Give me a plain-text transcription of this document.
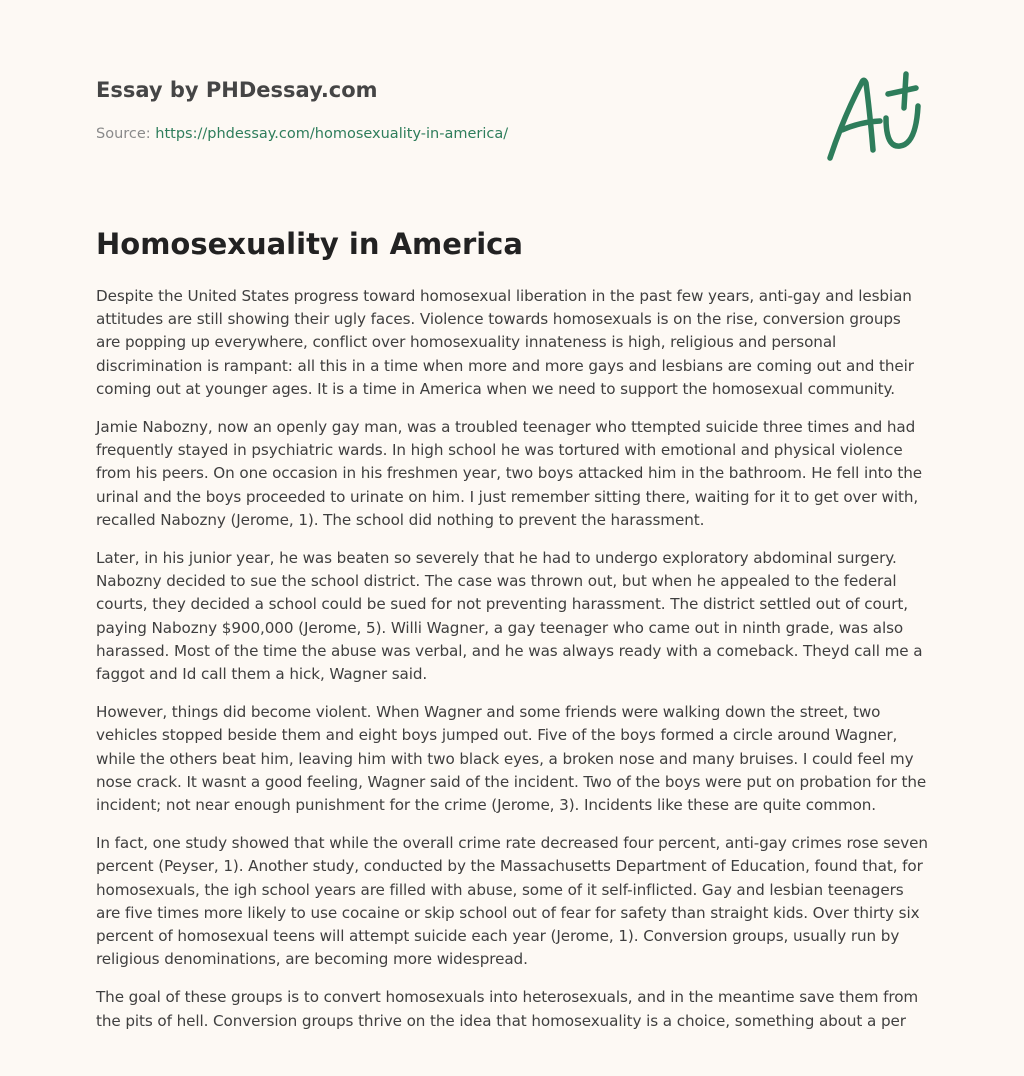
Essay by PHDessay.com
Source: https://phdessay.com/homosexuality-in-america/
Homosexuality in America

Despite the United States progress toward homosexual liberation in the past few years, anti-gay and lesbian attitudes are still showing their ugly faces. Violence towards homosexuals is on the rise, conversion groups are popping up everywhere, conflict over homosexuality innateness is high, religious and personal discrimination is rampant: all this in a time when more and more gays and lesbians are coming out and their coming out at younger ages. It is a time in America when we need to support the homosexual community.

Jamie Nabozny, now an openly gay man, was a troubled teenager who ttempted suicide three times and had frequently stayed in psychiatric wards. In high school he was tortured with emotional and physical violence from his peers. On one occasion in his freshmen year, two boys attacked him in the bathroom. He fell into the urinal and the boys proceeded to urinate on him. I just remember sitting there, waiting for it to get over with, recalled Nabozny (Jerome, 1). The school did nothing to prevent the harassment.

Later, in his junior year, he was beaten so severely that he had to undergo exploratory abdominal surgery. Nabozny decided to sue the school district. The case was thrown out, but when he appealed to the federal courts, they decided a school could be sued for not preventing harassment. The district settled out of court, paying Nabozny $900,000 (Jerome, 5). Willi Wagner, a gay teenager who came out in ninth grade, was also harassed. Most of the time the abuse was verbal, and he was always ready with a comeback. Theyd call me a faggot and Id call them a hick, Wagner said.

However, things did become violent. When Wagner and some friends were walking down the street, two vehicles stopped beside them and eight boys jumped out. Five of the boys formed a circle around Wagner, while the others beat him, leaving him with two black eyes, a broken nose and many bruises. I could feel my nose crack. It wasnt a good feeling, Wagner said of the incident. Two of the boys were put on probation for the incident; not near enough punishment for the crime (Jerome, 3). Incidents like these are quite common.

In fact, one study showed that while the overall crime rate decreased four percent, anti-gay crimes rose seven percent (Peyser, 1). Another study, conducted by the Massachusetts Department of Education, found that, for homosexuals, the igh school years are filled with abuse, some of it self-inflicted. Gay and lesbian teenagers are five times more likely to use cocaine or skip school out of fear for safety than straight kids. Over thirty six percent of homosexual teens will attempt suicide each year (Jerome, 1). Conversion groups, usually run by religious denominations, are becoming more widespread.

The goal of these groups is to convert homosexuals into heterosexuals, and in the meantime save them from the pits of hell. Conversion groups thrive on the idea that homosexuality is a choice, something about a per
